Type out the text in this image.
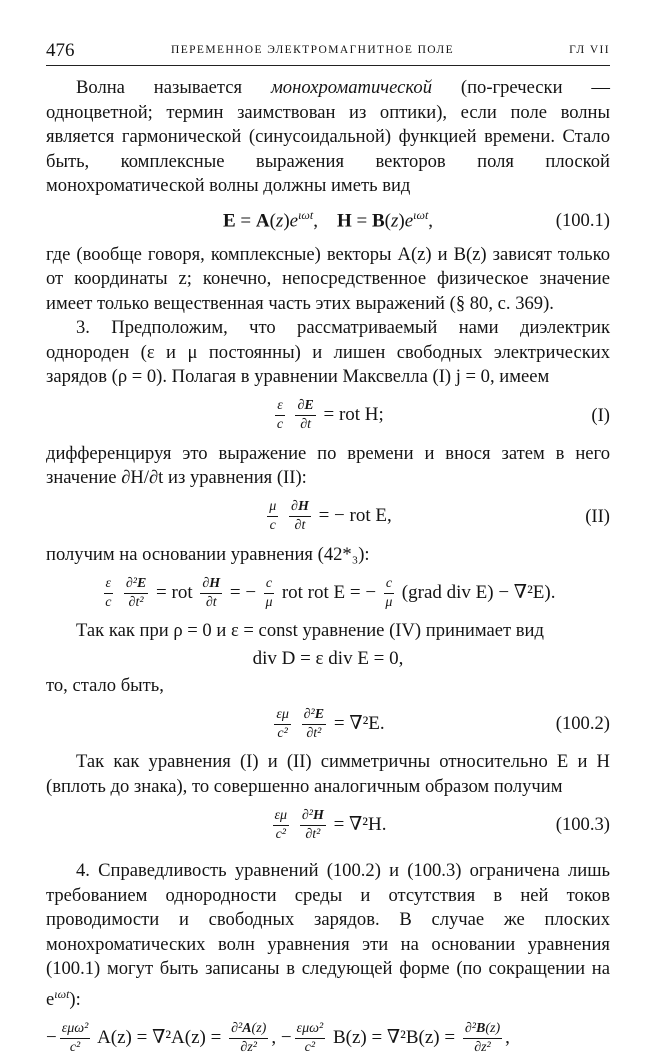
476	ПЕРЕМЕННОЕ ЭЛЕКТРОМАГНИТНОЕ ПОЛЕ	ГЛ VII

Волна называется монохроматической (по-гречески — одноцветной; термин заимствован из оптики), если поле волны является гармонической (синусоидальной) функцией времени. Стало быть, комплексные выражения векторов поля плоской монохроматической волны должны иметь вид

$E = A(z)e^{\iota\omega t}$,    $H = B(z)e^{\iota\omega t}$,	(100.1)

где (вообще говоря, комплексные) векторы A(z) и B(z) зависят только от координаты z; конечно, непосредственное физическое значение имеет только вещественная часть этих выражений (§ 80, с. 369).

3. Предположим, что рассматриваемый нами диэлектрик однороден (ε и μ постоянны) и лишен свободных электрических зарядов (ρ = 0). Полагая в уравнении Максвелла (I) j = 0, имеем

$\frac{\varepsilon}{c}$
$\frac{\partial E}{\partial t}$ = rot H;	(I)

дифференцируя это выражение по времени и внося затем в него значение ∂H/∂t из уравнения (II):

$\frac{\mu}{c}$
$\frac{\partial H}{\partial t}$ = − rot E,	(II)

получим на основании уравнения (42*₃):

$\frac{\varepsilon}{c}$
$\frac{\text{∂²E}}{\text{∂t²}}$ = rot $\frac{\partial H}{\partial t}$ = − $\frac{c}{\mu}$ rot rot E = − $\frac{c}{\mu}$ (grad div E) − ∇²E).

Так как при ρ = 0 и ε = const уравнение (IV) принимает вид

div D = ε div E = 0,

то, стало быть,

$\frac{\varepsilon\mu}{\text{c²}}$
$\frac{\text{∂²E}}{\text{∂t²}} = \nabla^2E$.	(100.2)

Так как уравнения (I) и (II) симметричны относительно E и H (вплоть до знака), то совершенно аналогичным образом получим

$\frac{\varepsilon\mu}{\text{c²}}$
$\frac{\text{∂²H}}{\text{∂t²}} = \nabla^2H$.	(100.3)

4. Справедливость уравнений (100.2) и (100.3) ограничена лишь требованием однородности среды и отсутствия в ней токов проводимости и свободных зарядов. В случае же плоских монохроматических волн уравнения эти на основании уравнения (100.1) могут быть записаны в следующей форме (по сокращении на $e^{\iota\omega t}$):

− $\frac{\text{εμω²}}{\text{c²}} A(z) = \nabla^2A(z) = \frac{\text{∂²A(z)}}{\text{∂z²}}$ , − $\frac{\text{εμω²}}{\text{c²}} B(z) = \nabla^2B(z) = \frac{\text{∂²B(z)}}{\text{∂z²}}$ ,
